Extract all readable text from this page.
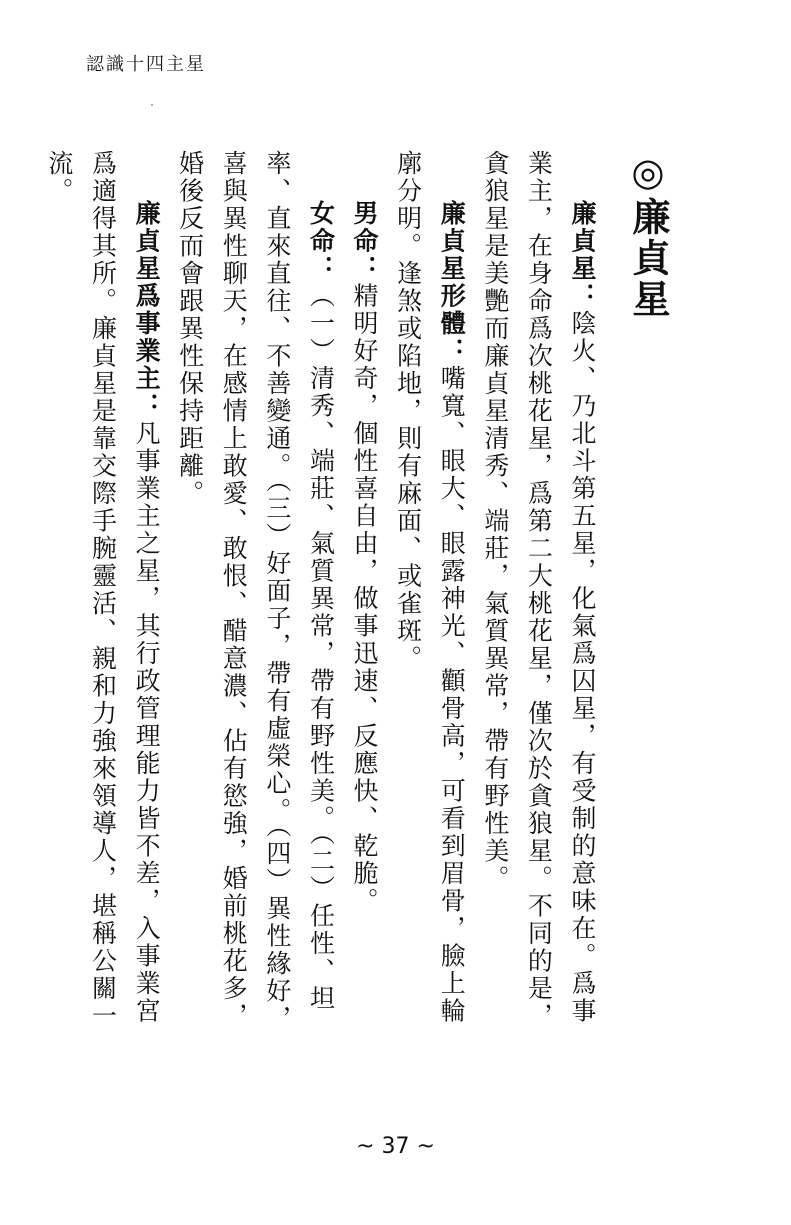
認識十四主星

◎廉貞星

廉貞星：陰火、乃北斗第五星，化氣爲囚星，有受制的意味在。爲事業主，在身命爲次桃花星，爲第二大桃花星，僅次於貪狼星。不同的是，貪狼星是美艷而廉貞星清秀、端莊，氣質異常，帶有野性美。

廉貞星形體：嘴寬、眼大、眼露神光、顴骨高，可看到眉骨，臉上輪廓分明。逢煞或陷地，則有麻面、或雀斑。

男命：精明好奇，個性喜自由，做事迅速、反應快、乾脆。

女命：（一）清秀、端莊、氣質異常，帶有野性美。（二）任性、坦率、直來直往、不善變通。（三）好面子，帶有虛榮心。（四）異性緣好，喜與異性聊天，在感情上敢愛、敢恨、醋意濃、佔有慾強，婚前桃花多，婚後反而會跟異性保持距離。

廉貞星爲事業主：凡事業主之星，其行政管理能力皆不差，入事業宮爲適得其所。廉貞星是靠交際手腕靈活、親和力強來領導人，堪稱公關一流。

~ 37 ~
